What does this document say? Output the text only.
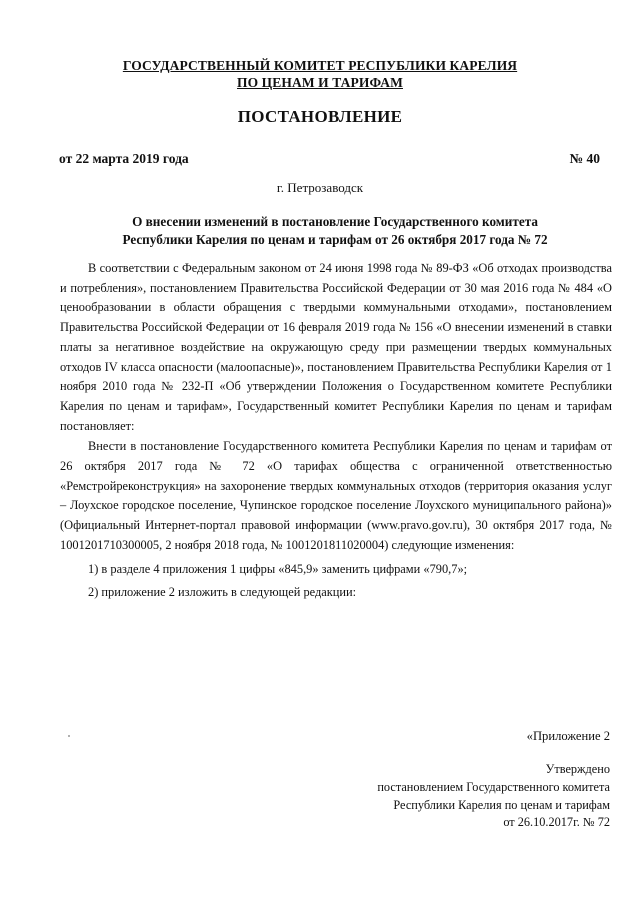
ГОСУДАРСТВЕННЫЙ КОМИТЕТ РЕСПУБЛИКИ КАРЕЛИЯ
ПО ЦЕНАМ И ТАРИФАМ
ПОСТАНОВЛЕНИЕ
от 22 марта 2019 года	№ 40
г. Петрозаводск
О внесении изменений в постановление Государственного комитета
Республики Карелия по ценам и тарифам от 26 октября 2017 года № 72

В соответствии с Федеральным законом от 24 июня 1998 года № 89-ФЗ «Об отходах производства и потребления», постановлением Правительства Российской Федерации от 30 мая 2016 года № 484 «О ценообразовании в области обращения с твердыми коммунальными отходами», постановлением Правительства Российской Федерации от 16 февраля 2019 года № 156 «О внесении изменений в ставки платы за негативное воздействие на окружающую среду при размещении твердых коммунальных отходов IV класса опасности (малоопасные)», постановлением Правительства Республики Карелия от 1 ноября 2010 года № 232-П «Об утверждении Положения о Государственном комитете Республики Карелия по ценам и тарифам», Государственный комитет Республики Карелия по ценам и тарифам постановляет:

Внести в постановление Государственного комитета Республики Карелия по ценам и тарифам от 26 октября 2017 года № 72 «О тарифах общества с ограниченной ответственностью «Ремстройреконструкция» на захоронение твердых коммунальных отходов (территория оказания услуг – Лоухское городское поселение, Чупинское городское поселение Лоухского муниципального района)» (Официальный Интернет-портал правовой информации (www.pravo.gov.ru), 30 октября 2017 года, № 1001201710300005, 2 ноября 2018 года, № 1001201811020004) следующие изменения:

1) в разделе 4 приложения 1 цифры «845,9» заменить цифрами «790,7»;

2) приложение 2 изложить в следующей редакции:

«Приложение 2
Утверждено
постановлением Государственного комитета
Республики Карелия по ценам и тарифам
от 26.10.2017г. № 72
